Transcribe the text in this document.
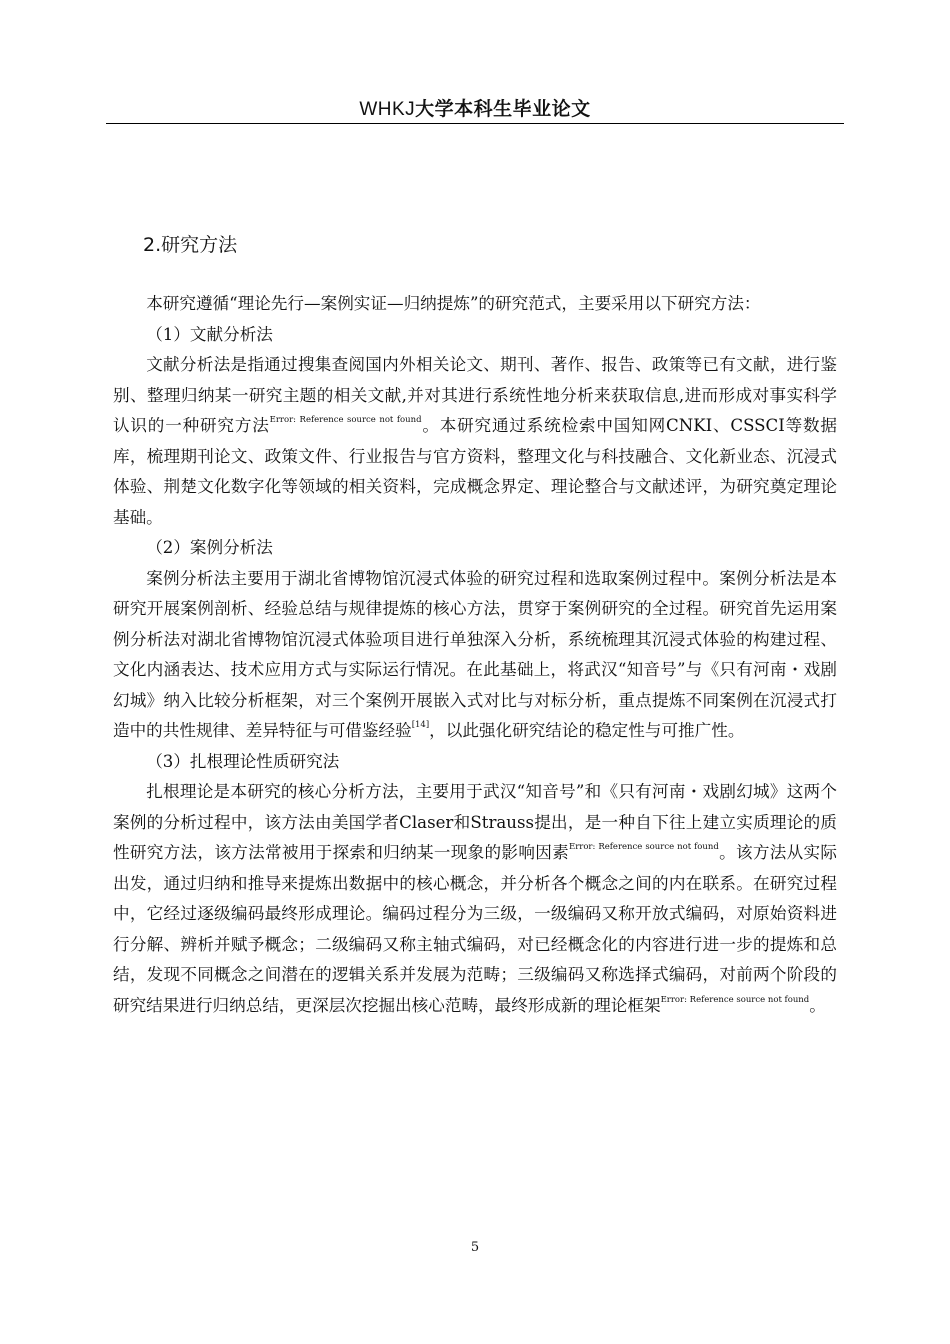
WHKJ大学本科生毕业论文
2.研究方法

本研究遵循“理论先行—案例实证—归纳提炼”的研究范式，主要采用以下研究方法：

（1）文献分析法

文献分析法是指通过搜集查阅国内外相关论文、期刊、著作、报告、政策等已有文献，进行鉴别、整理归纳某一研究主题的相关文献,并对其进行系统性地分析来获取信息,进而形成对事实科学认识的一种研究方法$^{Error: Reference source not found}$。本研究通过系统检索中国知网CNKI、CSSCI等数据库，梳理期刊论文、政策文件、行业报告与官方资料，整理文化与科技融合、文化新业态、沉浸式体验、荆楚文化数字化等领域的相关资料，完成概念界定、理论整合与文献述评，为研究奠定理论基础。

（2）案例分析法

案例分析法主要用于湖北省博物馆沉浸式体验的研究过程和选取案例过程中。案例分析法是本研究开展案例剖析、经验总结与规律提炼的核心方法，贯穿于案例研究的全过程。研究首先运用案例分析法对湖北省博物馆沉浸式体验项目进行单独深入分析，系统梳理其沉浸式体验的构建过程、文化内涵表达、技术应用方式与实际运行情况。在此基础上，将武汉“知音号”与《只有河南・戏剧幻城》纳入比较分析框架，对三个案例开展嵌入式对比与对标分析，重点提炼不同案例在沉浸式打造中的共性规律、差异特征与可借鉴经验[14]，以此强化研究结论的稳定性与可推广性。

（3）扎根理论性质研究法

扎根理论是本研究的核心分析方法，主要用于武汉“知音号”和《只有河南・戏剧幻城》这两个案例的分析过程中，该方法由美国学者Claser和Strauss提出，是一种自下往上建立实质理论的质性研究方法，该方法常被用于探索和归纳某一现象的影响因素$^{Error: Reference source not found}$。该方法从实际出发，通过归纳和推导来提炼出数据中的核心概念，并分析各个概念之间的内在联系。在研究过程中，它经过逐级编码最终形成理论。编码过程分为三级，一级编码又称开放式编码，对原始资料进行分解、辨析并赋予概念；二级编码又称主轴式编码，对已经概念化的内容进行进一步的提炼和总结，发现不同概念之间潜在的逻辑关系并发展为范畴；三级编码又称选择式编码，对前两个阶段的研究结果进行归纳总结，更深层次挖掘出核心范畴，最终形成新的理论框架$^{Error: Reference source not found}$。

5
